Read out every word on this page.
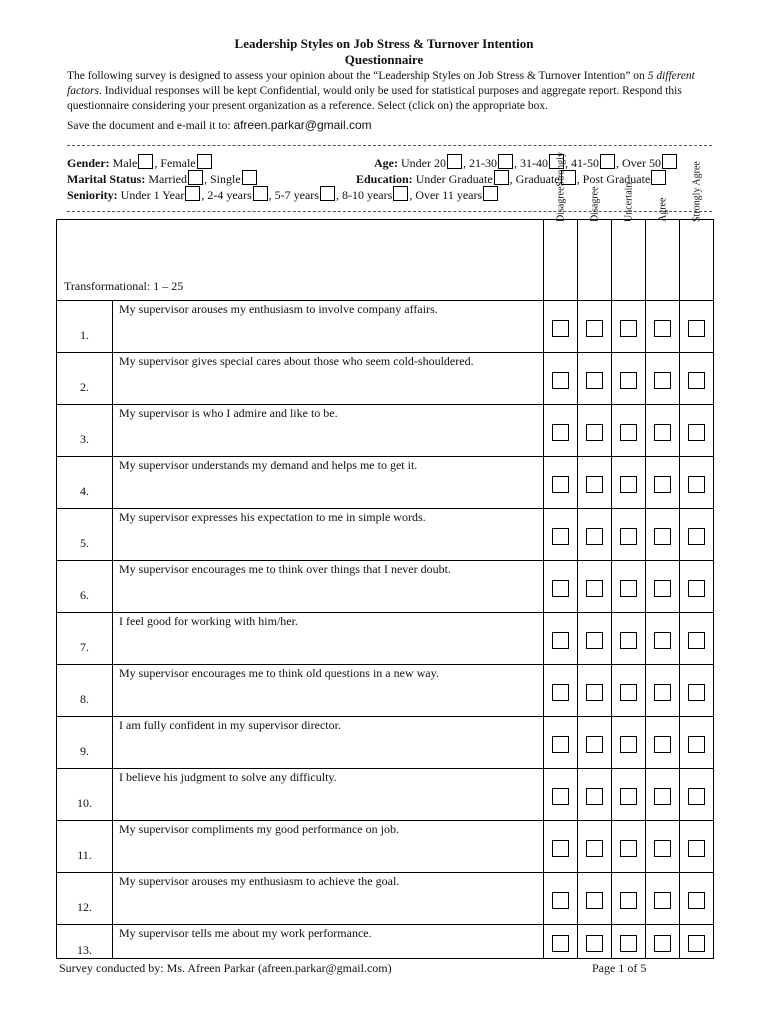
Leadership Styles on Job Stress & Turnover Intention
Questionnaire
The following survey is designed to assess your opinion about the “Leadership Styles on Job Stress & Turnover Intention” on 5 different factors. Individual responses will be kept Confidential, would only be used for statistical purposes and aggregate report. Respond this questionnaire considering your present organization as a reference. Select (click on) the appropriate box.
Save the document and e-mail it to: afreen.parkar@gmail.com
Gender: Male , Female	Age: Under 20 , 21-30 , 31-40 , 41-50 , Over 50
Marital Status: Married , Single	Education: Under Graduate , Graduate , Post Graduate
Seniority: Under 1 Year , 2-4 years , 5-7 years , 8-10 years , Over 11 years
Transformational: 1 – 25		DisagreeStrongly	Disagree	Uncertain	Agree	Strongly Agree

1.	My supervisor arouses my enthusiasm to involve company affairs.					
2.	My supervisor gives special cares about those who seem cold-shouldered.					
3.	My supervisor is who I admire and like to be.					
4.	My supervisor understands my demand and helps me to get it.					
5.	My supervisor expresses his expectation to me in simple words.					
6.	My supervisor encourages me to think over things that I never doubt.					
7.	I feel good for working with him/her.					
8.	My supervisor encourages me to think old questions in a new way.					
9.	I am fully confident in my supervisor director.					
10.	I believe his judgment to solve any difficulty.					
11.	My supervisor compliments my good performance on job.					
12.	My supervisor arouses my enthusiasm to achieve the goal.					
13.	My supervisor tells me about my work performance.					
Survey conducted by: Ms. Afreen Parkar (afreen.parkar@gmail.com)	Page 1 of 5
